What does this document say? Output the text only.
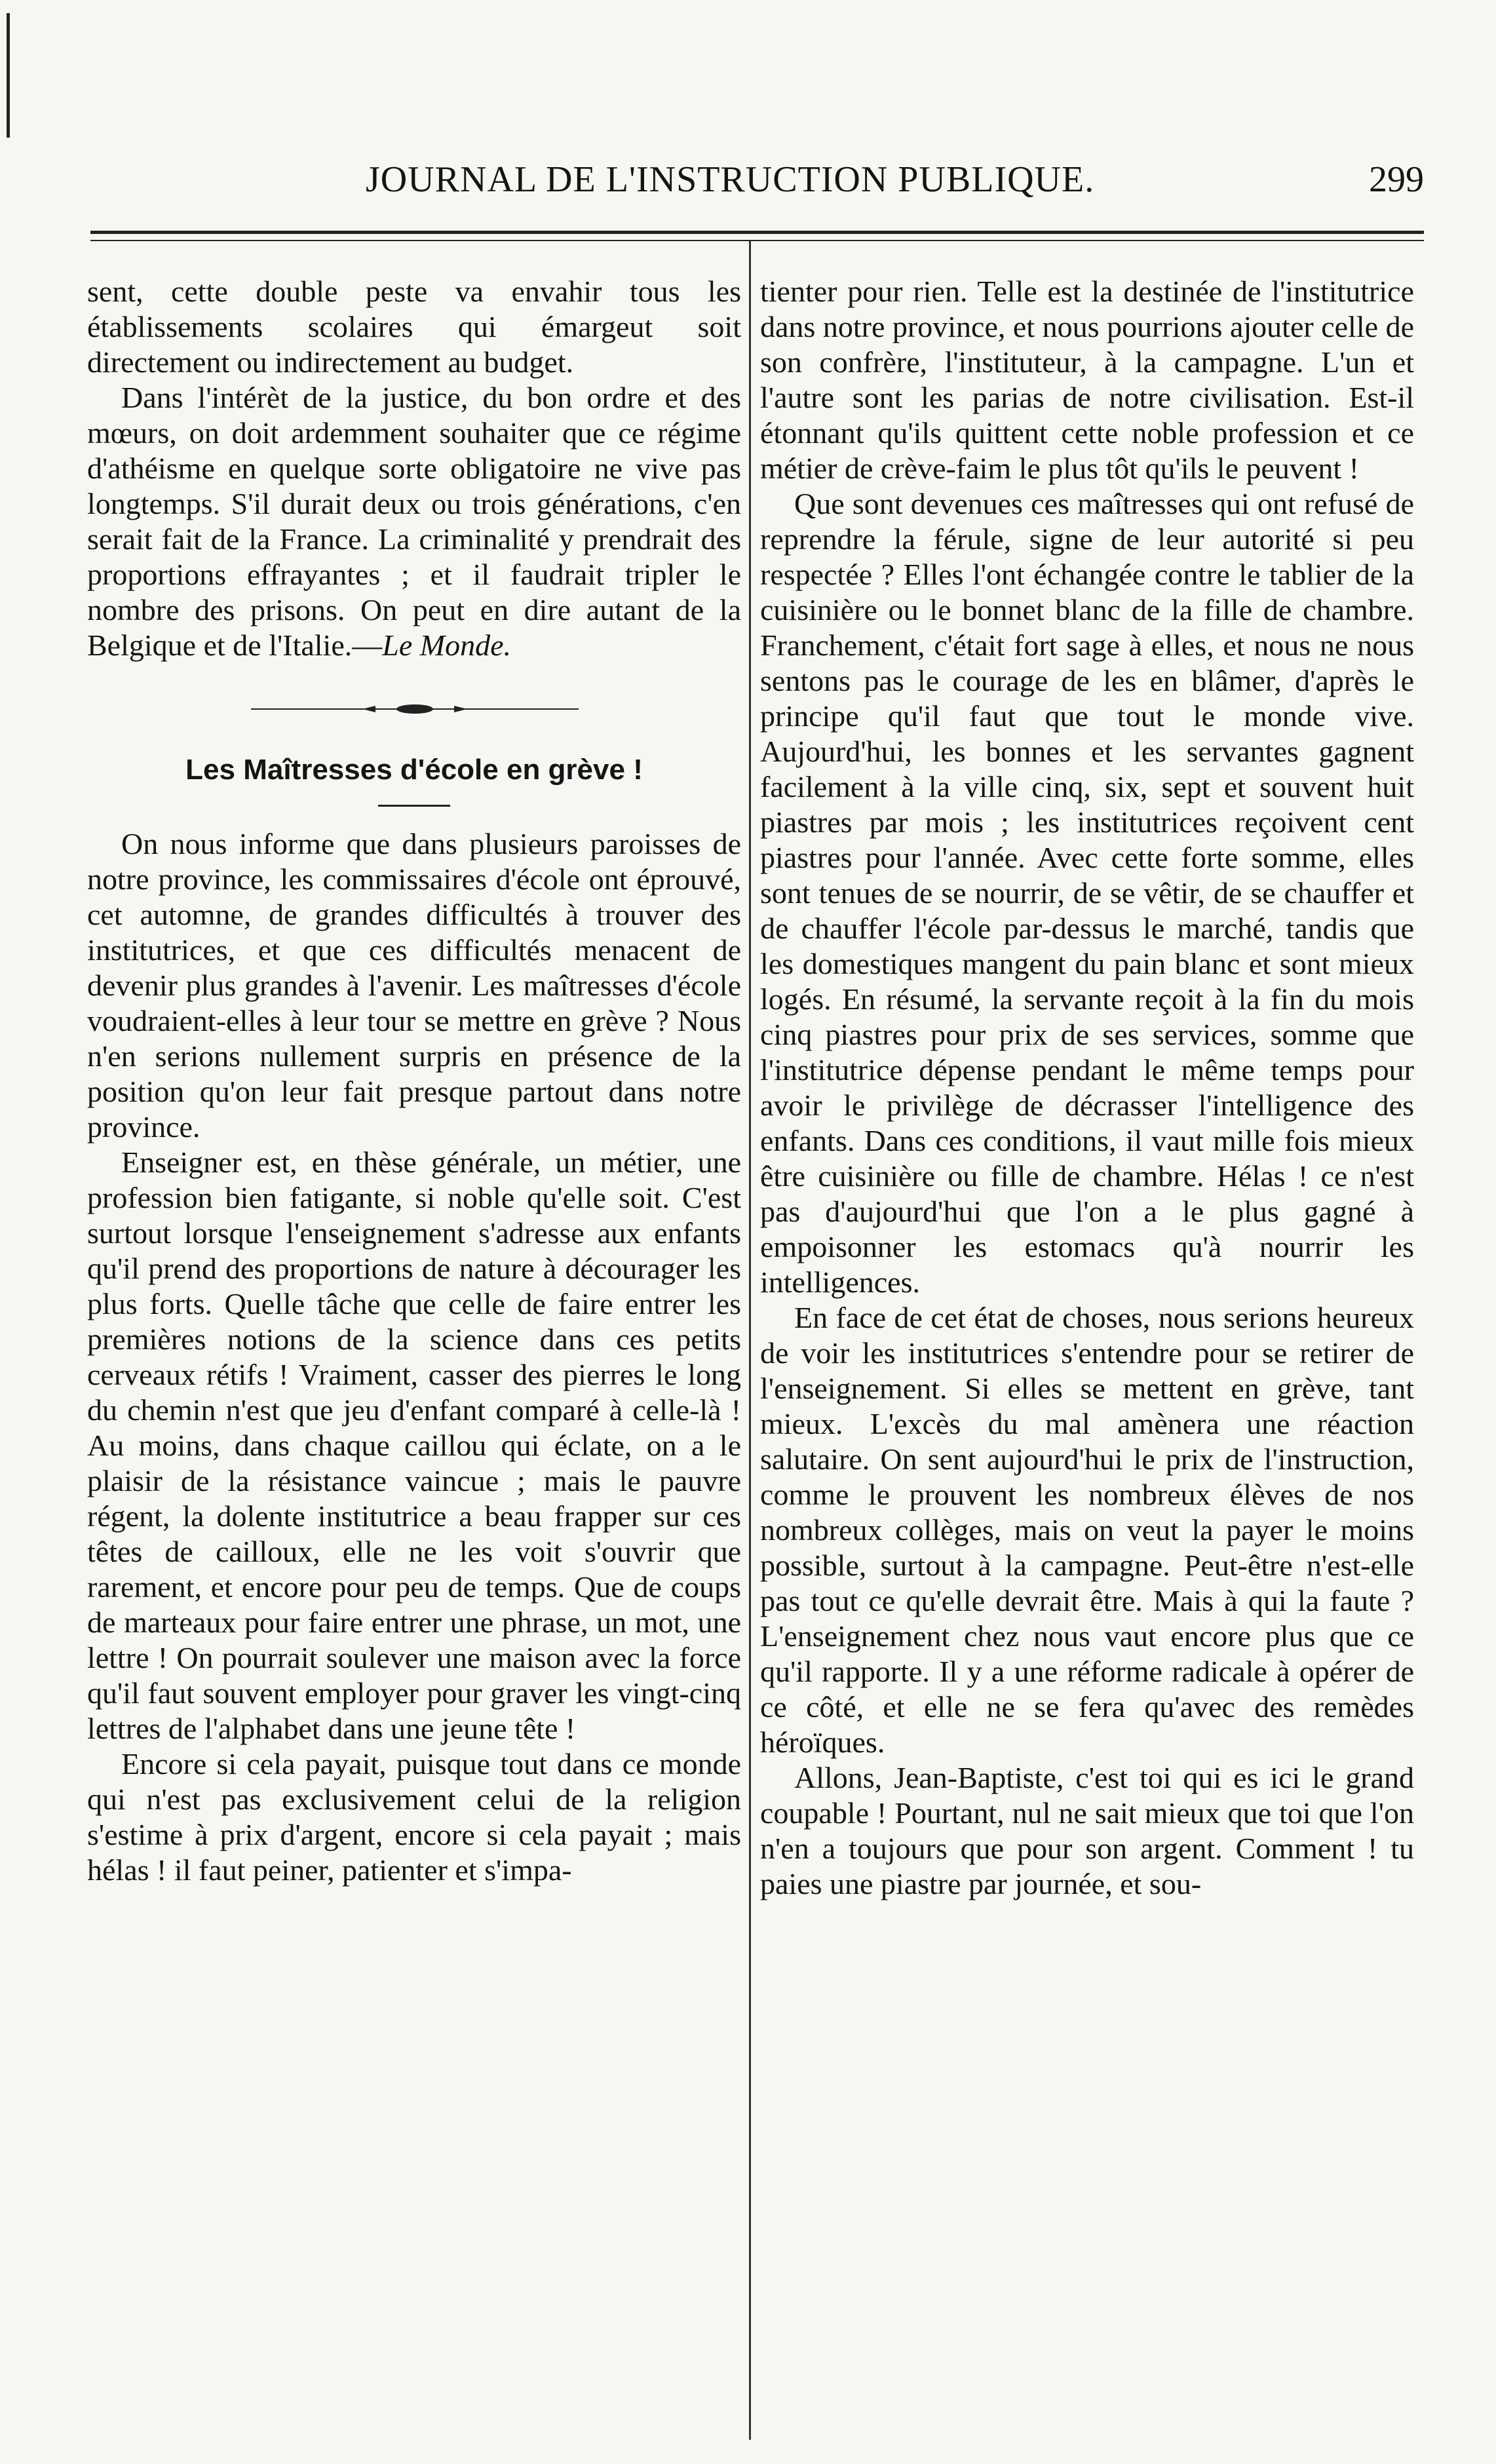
JOURNAL DE L'INSTRUCTION PUBLIQUE.	299

sent, cette double peste va envahir tous les établissements scolaires qui émargeut soit directement ou indirectement au budget.

Dans l'intérèt de la justice, du bon ordre et des mœurs, on doit ardemment souhaiter que ce régime d'athéisme en quelque sorte obligatoire ne vive pas longtemps. S'il durait deux ou trois générations, c'en serait fait de la France. La criminalité y prendrait des proportions effrayantes ; et il faudrait tripler le nombre des prisons. On peut en dire autant de la Belgique et de l'Italie.—Le Monde.

Les Maîtresses d'école en grève !

On nous informe que dans plusieurs paroisses de notre province, les commissaires d'école ont éprouvé, cet automne, de grandes difficultés à trouver des institutrices, et que ces difficultés menacent de devenir plus grandes à l'avenir. Les maîtresses d'école voudraient-elles à leur tour se mettre en grève ? Nous n'en serions nullement surpris en présence de la position qu'on leur fait presque partout dans notre province.

Enseigner est, en thèse générale, un métier, une profession bien fatigante, si noble qu'elle soit. C'est surtout lorsque l'enseignement s'adresse aux enfants qu'il prend des proportions de nature à décourager les plus forts. Quelle tâche que celle de faire entrer les premières notions de la science dans ces petits cerveaux rétifs ! Vraiment, casser des pierres le long du chemin n'est que jeu d'enfant comparé à celle-là ! Au moins, dans chaque caillou qui éclate, on a le plaisir de la résistance vaincue ; mais le pauvre régent, la dolente institutrice a beau frapper sur ces têtes de cailloux, elle ne les voit s'ouvrir que rarement, et encore pour peu de temps. Que de coups de marteaux pour faire entrer une phrase, un mot, une lettre ! On pourrait soulever une maison avec la force qu'il faut souvent employer pour graver les vingt-cinq lettres de l'alphabet dans une jeune tête !

Encore si cela payait, puisque tout dans ce monde qui n'est pas exclusivement celui de la religion s'estime à prix d'argent, encore si cela payait ; mais hélas ! il faut peiner, patienter et s'impa-

tienter pour rien. Telle est la destinée de l'institutrice dans notre province, et nous pourrions ajouter celle de son confrère, l'instituteur, à la campagne. L'un et l'autre sont les parias de notre civilisation. Est-il étonnant qu'ils quittent cette noble profession et ce métier de crève-faim le plus tôt qu'ils le peuvent !

Que sont devenues ces maîtresses qui ont refusé de reprendre la férule, signe de leur autorité si peu respectée ? Elles l'ont échangée contre le tablier de la cuisinière ou le bonnet blanc de la fille de chambre. Franchement, c'était fort sage à elles, et nous ne nous sentons pas le courage de les en blâmer, d'après le principe qu'il faut que tout le monde vive. Aujourd'hui, les bonnes et les servantes gagnent facilement à la ville cinq, six, sept et souvent huit piastres par mois ; les institutrices reçoivent cent piastres pour l'année. Avec cette forte somme, elles sont tenues de se nourrir, de se vêtir, de se chauffer et de chauffer l'école par-dessus le marché, tandis que les domestiques mangent du pain blanc et sont mieux logés. En résumé, la servante reçoit à la fin du mois cinq piastres pour prix de ses services, somme que l'institutrice dépense pendant le même temps pour avoir le privilège de décrasser l'intelligence des enfants. Dans ces conditions, il vaut mille fois mieux être cuisinière ou fille de chambre. Hélas ! ce n'est pas d'aujourd'hui que l'on a le plus gagné à empoisonner les estomacs qu'à nourrir les intelligences.

En face de cet état de choses, nous serions heureux de voir les institutrices s'entendre pour se retirer de l'enseignement. Si elles se mettent en grève, tant mieux. L'excès du mal amènera une réaction salutaire. On sent aujourd'hui le prix de l'instruction, comme le prouvent les nombreux élèves de nos nombreux collèges, mais on veut la payer le moins possible, surtout à la campagne. Peut-être n'est-elle pas tout ce qu'elle devrait être. Mais à qui la faute ? L'enseignement chez nous vaut encore plus que ce qu'il rapporte. Il y a une réforme radicale à opérer de ce côté, et elle ne se fera qu'avec des remèdes héroïques.

Allons, Jean-Baptiste, c'est toi qui es ici le grand coupable ! Pourtant, nul ne sait mieux que toi que l'on n'en a toujours que pour son argent. Comment ! tu paies une piastre par journée, et sou-
